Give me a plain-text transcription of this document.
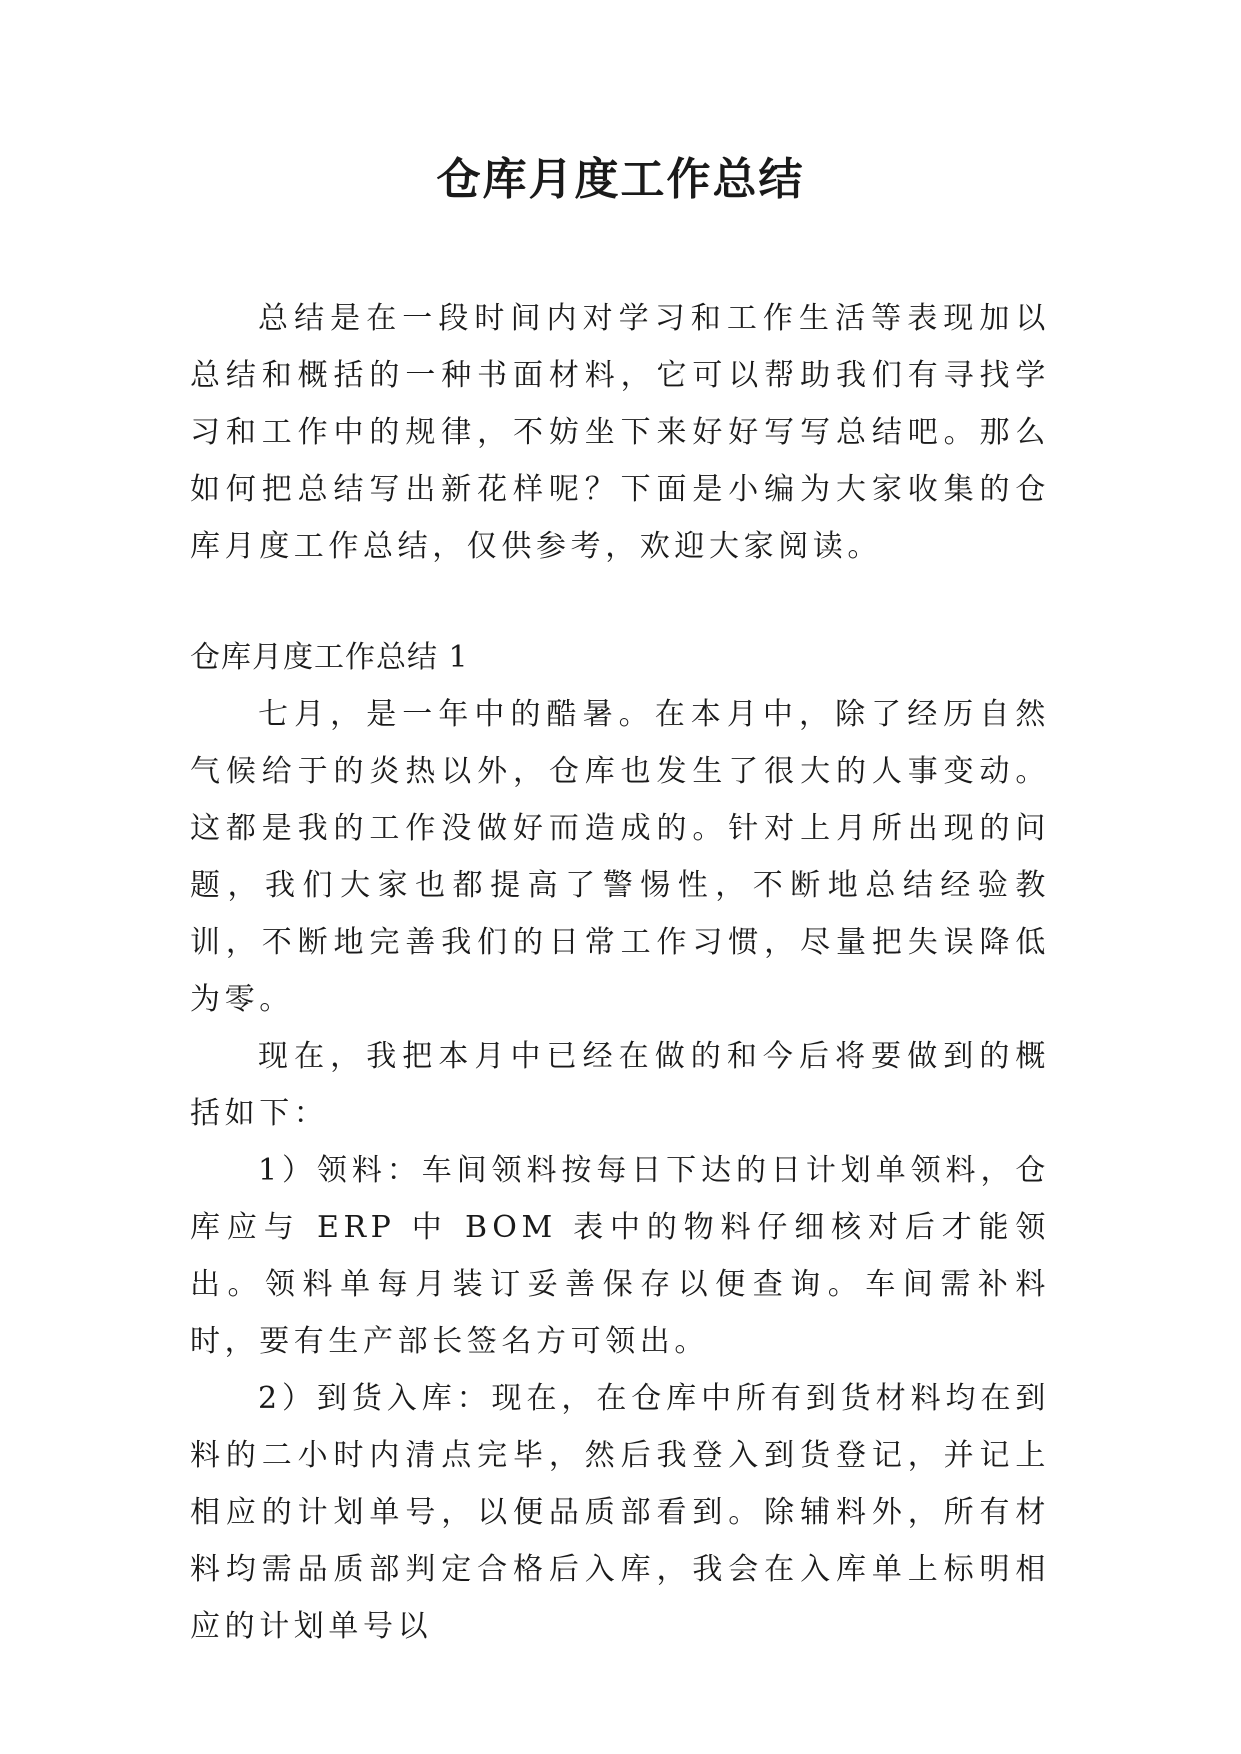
仓库月度工作总结

总结是在一段时间内对学习和工作生活等表现加以总结和概括的一种书面材料，它可以帮助我们有寻找学习和工作中的规律，不妨坐下来好好写写总结吧。那么如何把总结写出新花样呢？下面是小编为大家收集的仓库月度工作总结，仅供参考，欢迎大家阅读。

仓库月度工作总结 1

七月，是一年中的酷暑。在本月中，除了经历自然气候给于的炎热以外，仓库也发生了很大的人事变动。这都是我的工作没做好而造成的。针对上月所出现的问题，我们大家也都提高了警惕性，不断地总结经验教训，不断地完善我们的日常工作习惯，尽量把失误降低为零。

现在，我把本月中已经在做的和今后将要做到的概括如下：

1）领料：车间领料按每日下达的日计划单领料，仓库应与 ERP 中 BOM 表中的物料仔细核对后才能领出。领料单每月装订妥善保存以便查询。车间需补料时，要有生产部长签名方可领出。

2）到货入库：现在，在仓库中所有到货材料均在到料的二小时内清点完毕，然后我登入到货登记，并记上相应的计划单号，以便品质部看到。除辅料外，所有材料均需品质部判定合格后入库，我会在入库单上标明相应的计划单号以
